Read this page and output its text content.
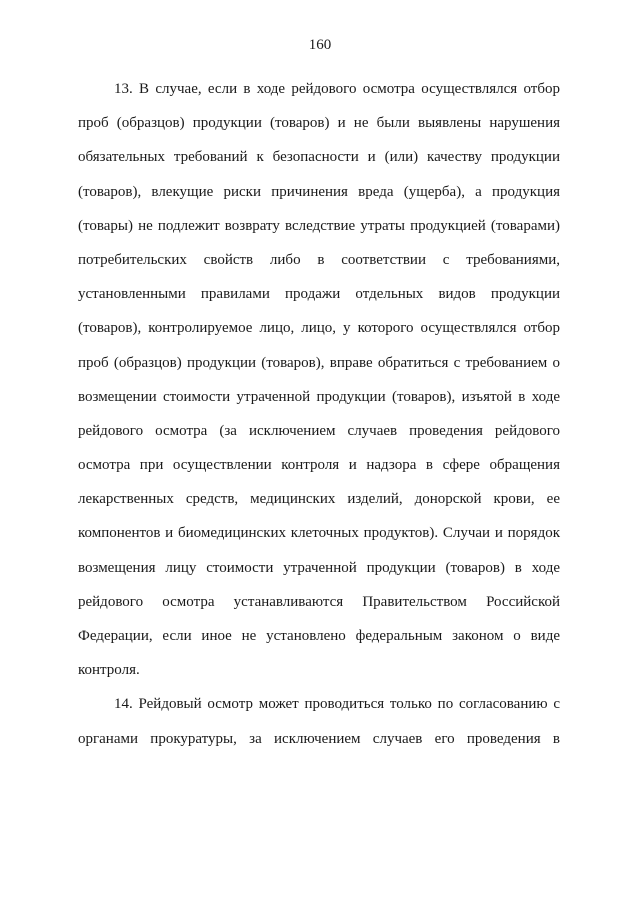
160
13. В случае, если в ходе рейдового осмотра осуществлялся отбор
проб (образцов) продукции (товаров) и не были выявлены нарушения
обязательных требований к безопасности и (или) качеству продукции
(товаров), влекущие риски причинения вреда (ущерба), а продукция
(товары) не подлежит возврату вследствие утраты продукцией (товарами)
потребительских свойств либо в соответствии с требованиями,
установленными правилами продажи отдельных видов продукции
(товаров), контролируемое лицо, лицо, у которого осуществлялся отбор
проб (образцов) продукции (товаров), вправе обратиться с требованием о
возмещении стоимости утраченной продукции (товаров), изъятой в ходе
рейдового осмотра (за исключением случаев проведения рейдового
осмотра при осуществлении контроля и надзора в сфере обращения
лекарственных средств, медицинских изделий, донорской крови, ее
компонентов и биомедицинских клеточных продуктов). Случаи и порядок
возмещения лицу стоимости утраченной продукции (товаров) в ходе
рейдового осмотра устанавливаются Правительством Российской
Федерации, если иное не установлено федеральным законом о виде
контроля.
14. Рейдовый осмотр может проводиться только по согласованию с
органами прокуратуры, за исключением случаев его проведения в
